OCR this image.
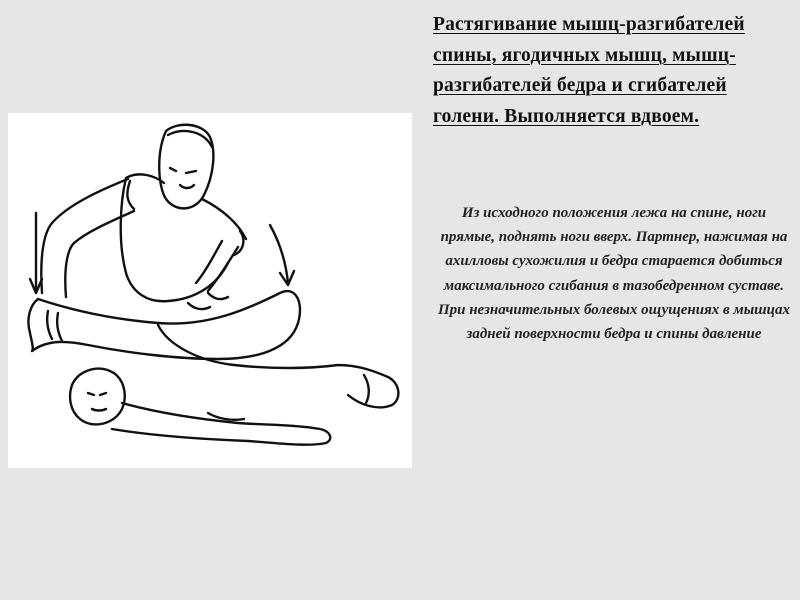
Растягивание мышц-разгибателей спины, ягодичных мышц, мышц-разгибателей бедра и сгибателей голени. Выполняется вдвоем.

Из исходного положения лежа на спине, ноги прямые, поднять ноги вверх. Партнер, нажимая на ахилловы сухожилия и бедра старается добиться максимального сгибания в тазобедренном суставе. При незначительных болевых ощущениях в мышцах задней поверхности бедра и спины давление
